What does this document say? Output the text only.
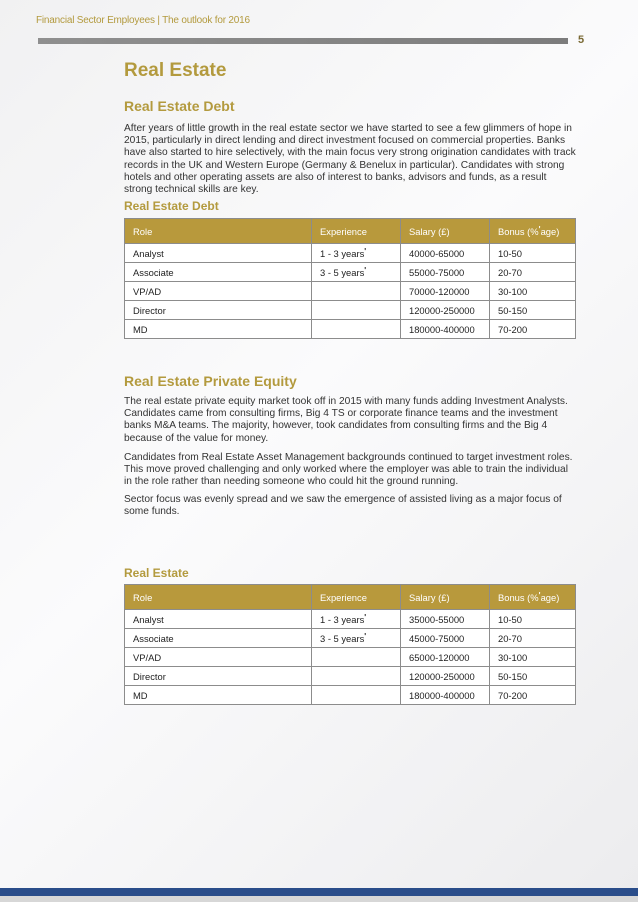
Financial Sector Employees | The outlook for 2016
5
Real Estate
Real Estate Debt
After years of little growth in the real estate sector we have started to see a few glimmers of hope in 2015, particularly in direct lending and direct investment focused on commercial properties. Banks have also started to hire selectively, with the main focus very strong origination candidates with track records in the UK and Western Europe (Germany & Benelux in particular). Candidates with strong hotels and other operating assets are also of interest to banks, advisors and funds, as a result strong technical skills are key.
Real Estate Debt
Role	Experience	Salary (£)	Bonus (%'age)
Analyst	1 - 3 years'	40000-65000	10-50
Associate	3 - 5 years'	55000-75000	20-70
VP/AD		70000-120000	30-100
Director		120000-250000	50-150
MD		180000-400000	70-200
Real Estate Private Equity
The real estate private equity market took off in 2015 with many funds adding Investment Analysts. Candidates came from consulting firms, Big 4 TS or corporate finance teams and the investment banks M&A teams. The majority, however, took candidates from consulting firms and the Big 4 because of the value for money.
Candidates from Real Estate Asset Management backgrounds continued to target investment roles. This move proved challenging and only worked where the employer was able to train the individual in the role rather than needing someone who could hit the ground running.
Sector focus was evenly spread and we saw the emergence of assisted living as a major focus of some funds.
Real Estate
Role	Experience	Salary (£)	Bonus (%'age)
Analyst	1 - 3 years'	35000-55000	10-50
Associate	3 - 5 years'	45000-75000	20-70
VP/AD		65000-120000	30-100
Director		120000-250000	50-150
MD		180000-400000	70-200
